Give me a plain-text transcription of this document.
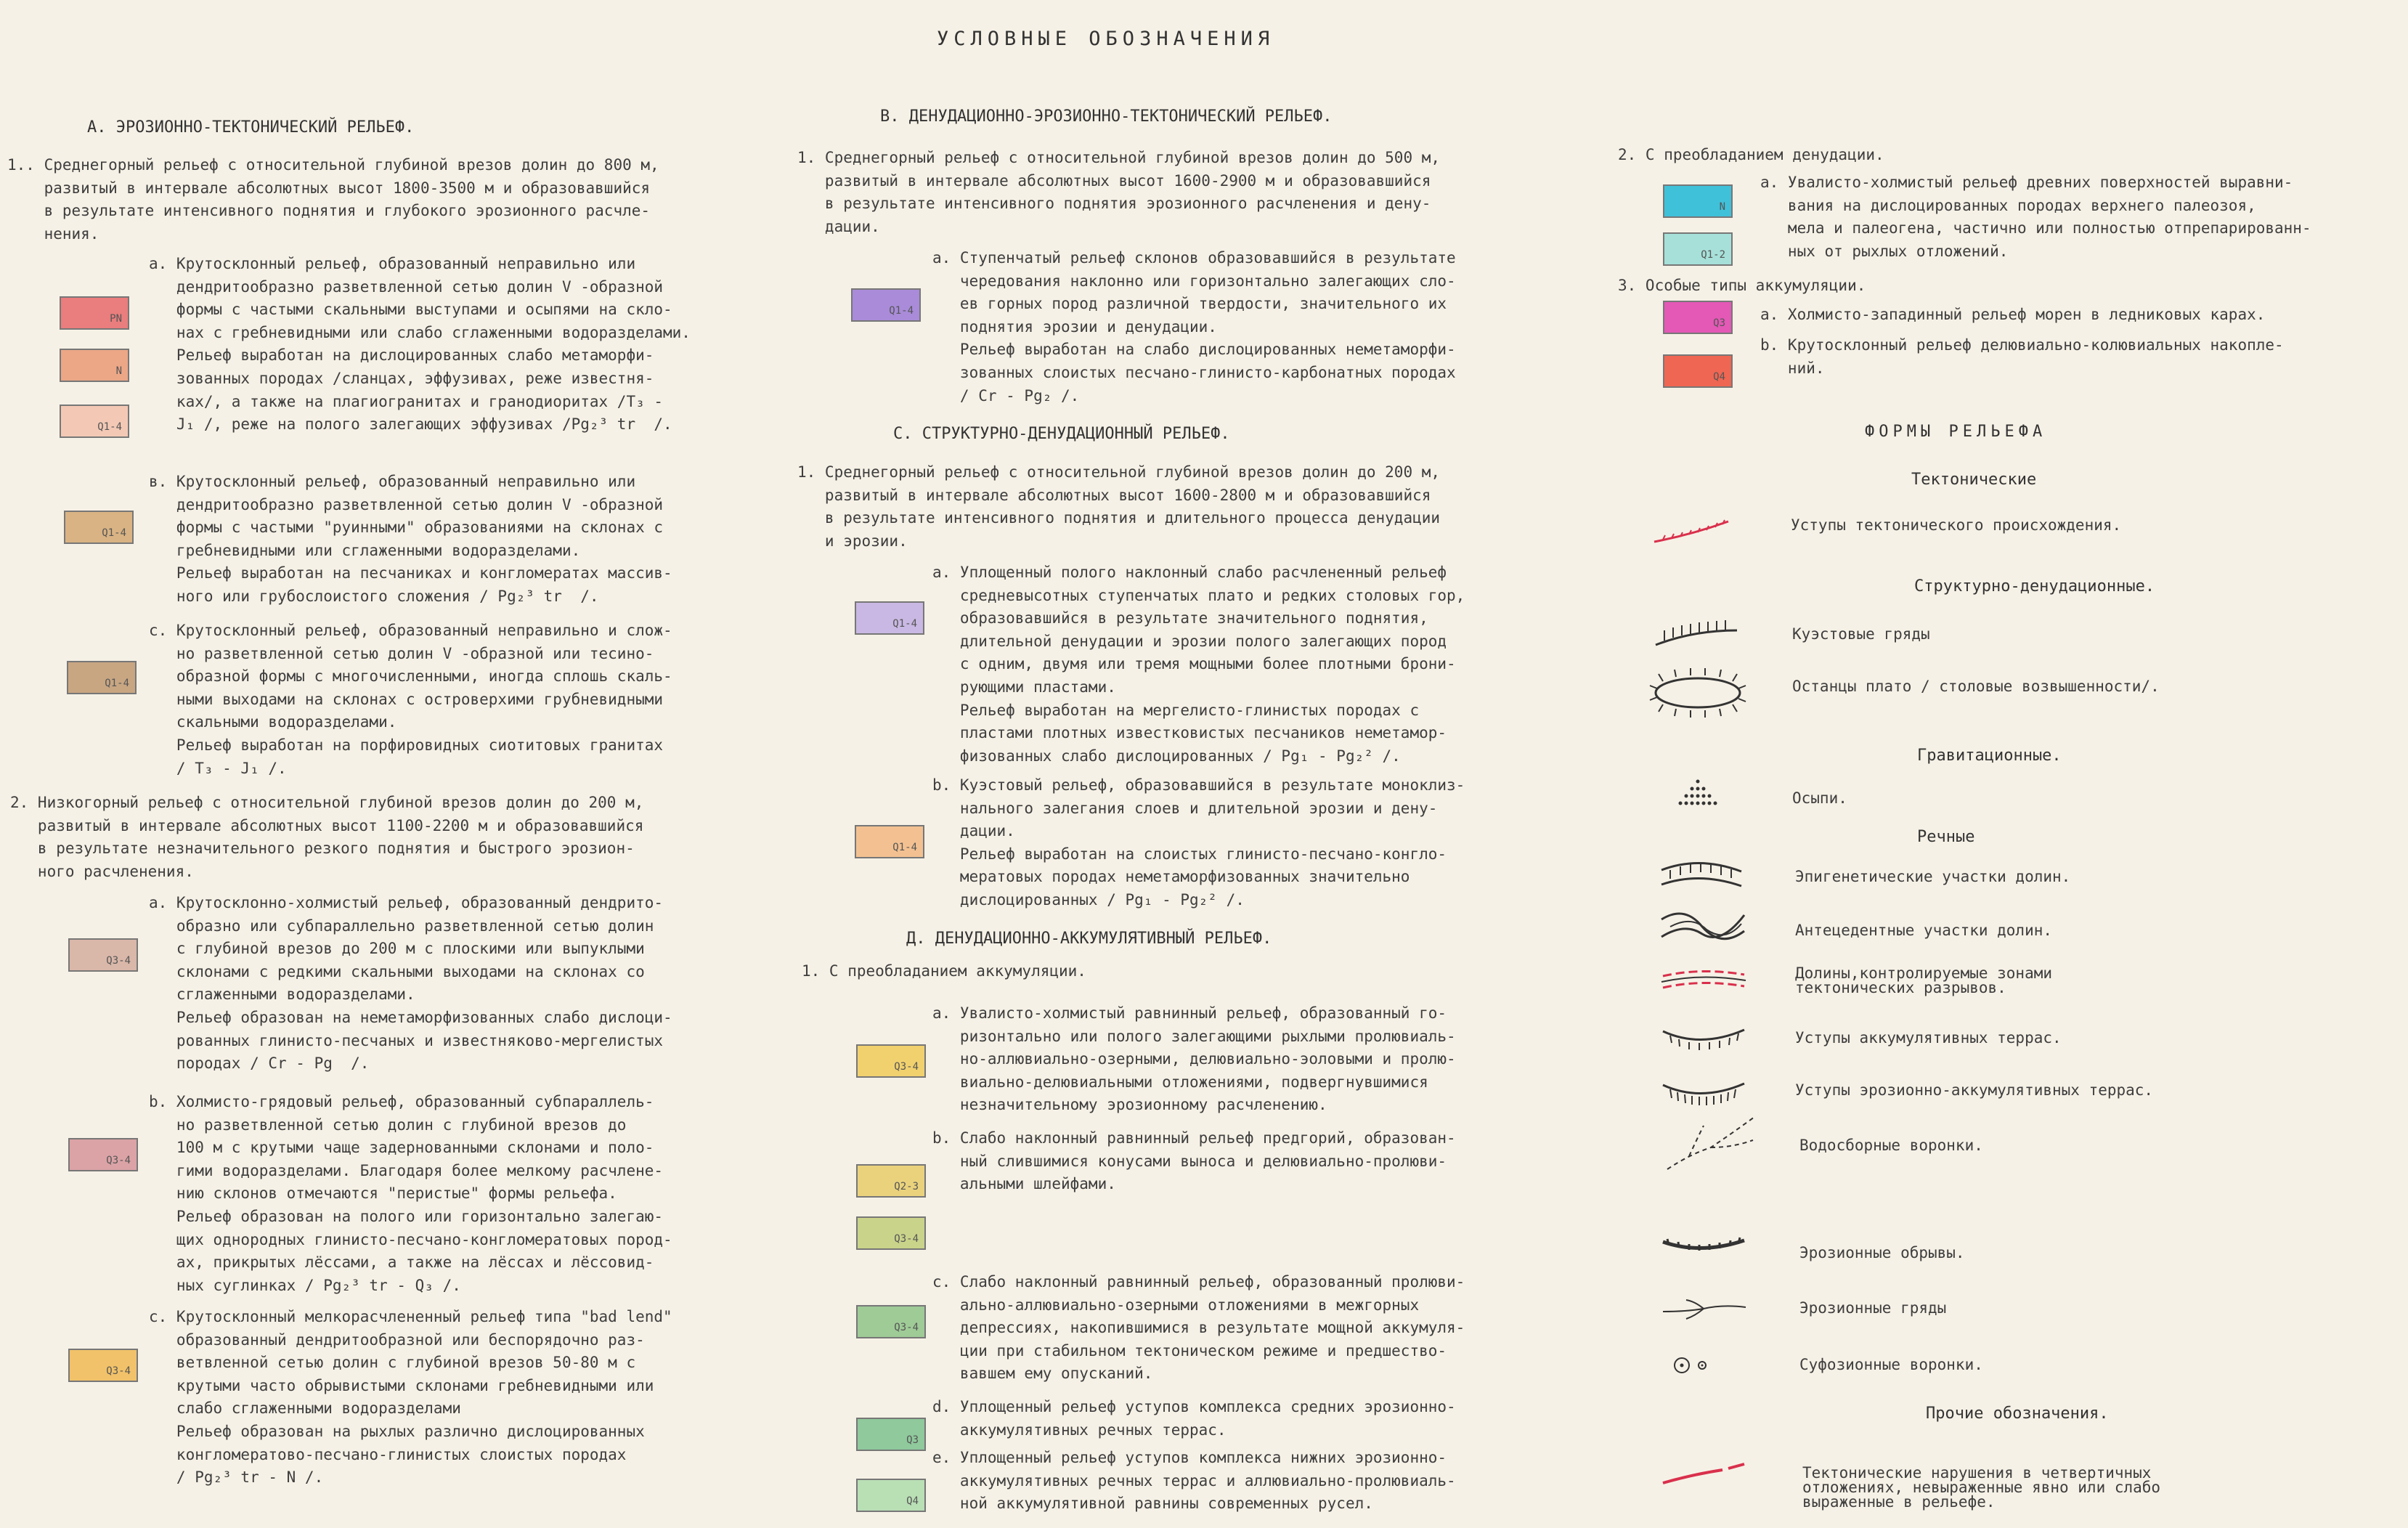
УСЛОВНЫЕ ОБОЗНАЧЕНИЯ
А. ЭРОЗИОННО-ТЕКТОНИЧЕСКИЙ РЕЛЬЕФ.
1.. Среднегорный рельеф с относительной глубиной врезов долин до 800 м,
развитый в интервале абсолютных высот 1800-3500 м и образовавшийся
в результате интенсивного поднятия и глубокого эрозионного расчле-
нения.
а. Крутосклонный рельеф, образованный неправильно или
дендритообразно разветвленной сетью долин V -образной
формы с частыми скальными выступами и осыпями на скло-
нах с гребневидными или слабо сглаженными водоразделами.
Рельеф выработан на дислоцированных слабо метаморфи-
зованных породах /сланцах, эффузивах, реже известня-
ках/, а также на плагиогранитах и гранодиоритах /T₃ -
J₁ /, реже на полого залегающих эффузивах /Pg₂³ tr  /.
в. Крутосклонный рельеф, образованный неправильно или
дендритообразно разветвленной сетью долин V -образной
формы с частыми "руинными" образованиями на склонах с
гребневидными или сглаженными водоразделами.
Рельеф выработан на песчаниках и конгломератах массив-
ного или грубослоистого сложения / Pg₂³ tr  /.
с. Крутосклонный рельеф, образованный неправильно и слож-
но разветвленной сетью долин V -образной или тесино-
образной формы с многочисленными, иногда сплошь скаль-
ными выходами на склонах с островерхими грубневидными
скальными водоразделами.
Рельеф выработан на порфировидных сиотитовых гранитах
/ T₃ - J₁ /.
2. Низкогорный рельеф с относительной глубиной врезов долин до 200 м,
развитый в интервале абсолютных высот 1100-2200 м и образовавшийся
в результате незначительного резкого поднятия и быстрого эрозион-
ного расчленения.
а. Крутосклонно-холмистый рельеф, образованный дендрито-
образно или субпараллельно разветвленной сетью долин
с глубиной врезов до 200 м с плоскими или выпуклыми
склонами с редкими скальными выходами на склонах со
сглаженными водоразделами.
Рельеф образован на неметаморфизованных слабо дислоци-
рованных глинисто-песчаных и известняково-мергелистых
породах / Cr - Pg  /.
b. Холмисто-грядовый рельеф, образованный субпараллель-
но разветвленной сетью долин с глубиной врезов до
100 м с крутыми чаще задернованными склонами и поло-
гими водоразделами. Благодаря более мелкому расчлене-
нию склонов отмечаются "перистые" формы рельефа.
Рельеф образован на полого или горизонтально залегаю-
щих однородных глинисто-песчано-конгломератовых пород-
ах, прикрытых лёссами, а также на лёссах и лёссовид-
ных суглинках / Pg₂³ tr - Q₃ /.
с. Крутосклонный мелкорасчлененный рельеф типа "bad lend"
образованный дендритообразной или беспорядочно раз-
ветвленной сетью долин с глубиной врезов 50-80 м с
крутыми часто обрывистыми склонами гребневидными или
слабо сглаженными водоразделами
Рельеф образован на рыхлых различно дислоцированных
конгломератово-песчано-глинистых слоистых породах
/ Pg₂³ tr - N /.
PN
N
Q1-4
Q1-4
Q1-4
Q3-4
Q3-4
Q3-4
В. ДЕНУДАЦИОННО-ЭРОЗИОННО-ТЕКТОНИЧЕСКИЙ РЕЛЬЕФ.
1. Среднегорный рельеф с относительной глубиной врезов долин до 500 м,
развитый в интервале абсолютных высот 1600-2900 м и образовавшийся
в результате интенсивного поднятия эрозионного расчленения и дену-
дации.
а. Ступенчатый рельеф склонов образовавшийся в результате
чередования наклонно или горизонтально залегающих сло-
ев горных пород различной твердости, значительного их
поднятия эрозии и денудации.
Рельеф выработан на слабо дислоцированных неметаморфи-
зованных слоистых песчано-глинисто-карбонатных породах
/ Cr - Pg₂ /.
С. СТРУКТУРНО-ДЕНУДАЦИОННЫЙ РЕЛЬЕФ.
1. Среднегорный рельеф с относительной глубиной врезов долин до 200 м,
развитый в интервале абсолютных высот 1600-2800 м и образовавшийся
в результате интенсивного поднятия и длительного процесса денудации
и эрозии.
а. Уплощенный полого наклонный слабо расчлененный рельеф
средневысотных ступенчатых плато и редких столовых гор,
образовавшийся в результате значительного поднятия,
длительной денудации и эрозии полого залегающих пород
с одним, двумя или тремя мощными более плотными брони-
рующими пластами.
Рельеф выработан на мергелисто-глинистых породах с
пластами плотных известковистых песчаников неметамор-
физованных слабо дислоцированных / Pg₁ - Pg₂² /.
b. Куэстовый рельеф, образовавшийся в результате моноклиз-
нального залегания слоев и длительной эрозии и дену-
дации.
Рельеф выработан на слоистых глинисто-песчано-конгло-
мератовых породах неметаморфизованных значительно
дислоцированных / Pg₁ - Pg₂² /.
Д. ДЕНУДАЦИОННО-АККУМУЛЯТИВНЫЙ РЕЛЬЕФ.
1. С преобладанием аккумуляции.
а. Увалисто-холмистый равнинный рельеф, образованный го-
ризонтально или полого залегающими рыхлыми пролювиаль-
но-аллювиально-озерными, делювиально-эоловыми и пролю-
виально-делювиальными отложениями, подвергнувшимися
незначительному эрозионному расчленению.
b. Слабо наклонный равнинный рельеф предгорий, образован-
ный слившимися конусами выноса и делювиально-пролюви-
альными шлейфами.
с. Слабо наклонный равнинный рельеф, образованный пролюви-
ально-аллювиально-озерными отложениями в межгорных
депрессиях, накопившимися в результате мощной аккумуля-
ции при стабильном тектоническом режиме и предшество-
вавшем ему опусканий.
d. Уплощенный рельеф уступов комплекса средних эрозионно-
аккумулятивных речных террас.
е. Уплощенный рельеф уступов комплекса нижних эрозионно-
аккумулятивных речных террас и аллювиально-пролювиаль-
ной аккумулятивной равнины современных русел.
Q1-4
Q1-4
Q1-4
Q3-4
Q2-3
Q3-4
Q3-4
Q3
Q4
2. С преобладанием денудации.
а. Увалисто-холмистый рельеф древних поверхностей выравни-
вания на дислоцированных породах верхнего палеозоя,
мела и палеогена, частично или полностью отпрепарированн-
ных от рыхлых отложений.
3. Особые типы аккумуляции.
а. Холмисто-западинный рельеф морен в ледниковых карах.
b. Крутосклонный рельеф делювиально-колювиальных накопле-
ний.
N
Q1-2
Q3
Q4
ФОРМЫ РЕЛЬЕФА
Тектонические
Уступы тектонического происхождения.
Структурно-денудационные.
Куэстовые гряды
Останцы плато / столовые возвышенности/.
Гравитационные.
Осыпи.
Речные
Эпигенетические участки долин.
Антецедентные участки долин.
Долины,контролируемые зонами
тектонических разрывов.
Уступы аккумулятивных террас.
Уступы эрозионно-аккумулятивных террас.
Водосборные воронки.
Эрозионные обрывы.
Эрозионные гряды
Суфозионные воронки.
Прочие обозначения.
Тектонические нарушения в четвертичных
отложениях, невыраженные явно или слабо
выраженные в рельефе.
